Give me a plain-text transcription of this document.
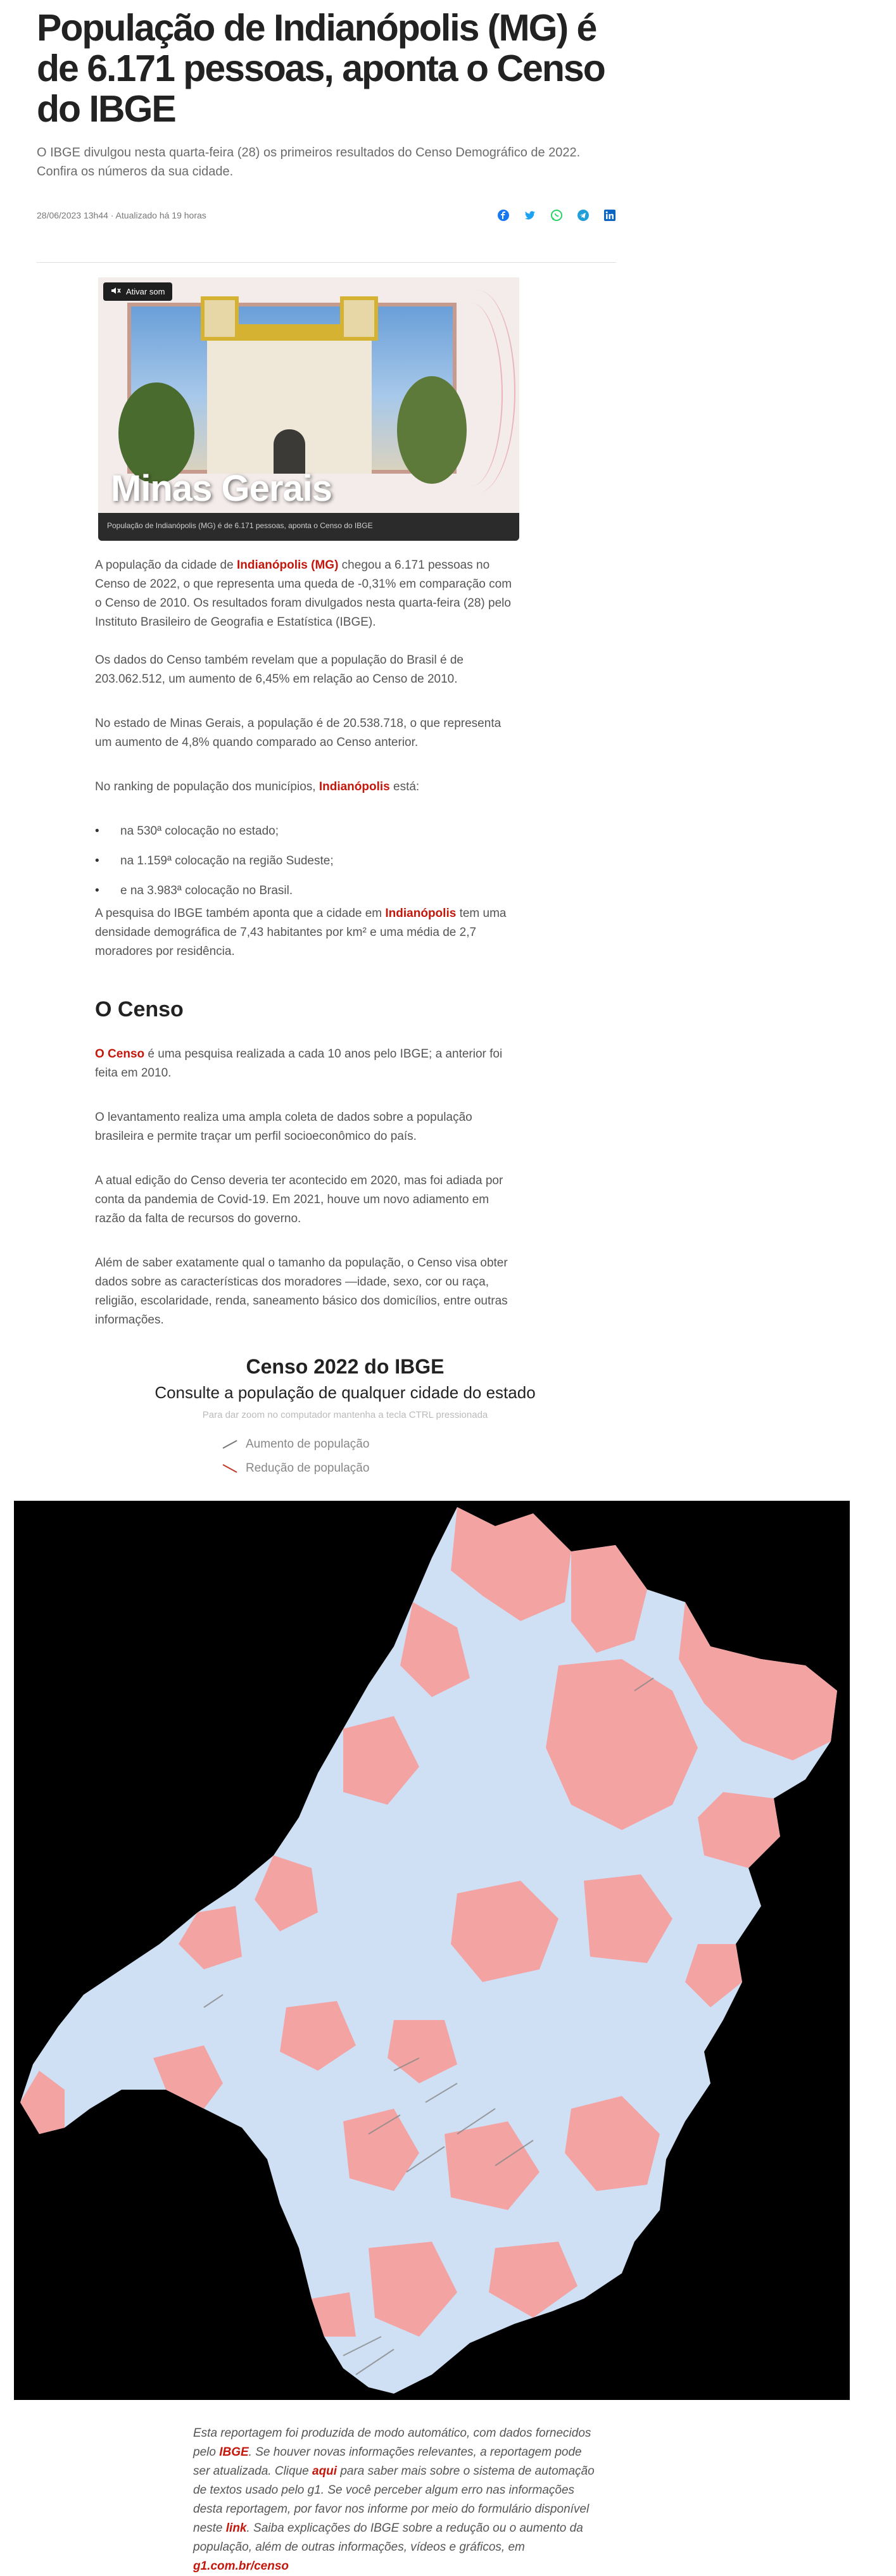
População de Indianópolis (MG) é de 6.171 pessoas, aponta o Censo do IBGE

O IBGE divulgou nesta quarta-feira (28) os primeiros resultados do Censo Demográfico de 2022. Confira os números da sua cidade.

28/06/2023 13h44 · Atualizado há 19 horas
Minas Gerais
Ativar som
População de Indianópolis (MG) é de 6.171 pessoas, aponta o Censo do IBGE

A população da cidade de Indianópolis (MG) chegou a 6.171 pessoas no Censo de 2022, o que representa uma queda de -0,31% em comparação com o Censo de 2010. Os resultados foram divulgados nesta quarta-feira (28) pelo Instituto Brasileiro de Geografia e Estatística (IBGE).

Os dados do Censo também revelam que a população do Brasil é de 203.062.512, um aumento de 6,45% em relação ao Censo de 2010.

No estado de Minas Gerais, a população é de 20.538.718, o que representa um aumento de 4,8% quando comparado ao Censo anterior.

No ranking de população dos municípios, Indianópolis está:

• na 530ª colocação no estado;
• na 1.159ª colocação na região Sudeste;
• e na 3.983ª colocação no Brasil.

A pesquisa do IBGE também aponta que a cidade em Indianópolis tem uma densidade demográfica de 7,43 habitantes por km² e uma média de 2,7 moradores por residência.

O Censo é uma pesquisa realizada a cada 10 anos pelo IBGE; a anterior foi feita em 2010.

O levantamento realiza uma ampla coleta de dados sobre a população brasileira e permite traçar um perfil socioeconômico do país.

A atual edição do Censo deveria ter acontecido em 2020, mas foi adiada por conta da pandemia de Covid-19. Em 2021, houve um novo adiamento em razão da falta de recursos do governo.

Além de saber exatamente qual o tamanho da população, o Censo visa obter dados sobre as características dos moradores —idade, sexo, cor ou raça, religião, escolaridade, renda, saneamento básico dos domicílios, entre outras informações.

O Censo
Censo 2022 do IBGE
Consulte a população de qualquer cidade do estado
Para dar zoom no computador mantenha a tecla CTRL pressionada
Aumento de população
Redução de população
Esta reportagem foi produzida de modo automático, com dados fornecidos pelo IBGE. Se houver novas informações relevantes, a reportagem pode ser atualizada. Clique aqui para saber mais sobre o sistema de automação de textos usado pelo g1. Se você perceber algum erro nas informações desta reportagem, por favor nos informe por meio do formulário disponível neste link. Saiba explicações do IBGE sobre a redução ou o aumento da população, além de outras informações, vídeos e gráficos, em g1.com.br/censo
